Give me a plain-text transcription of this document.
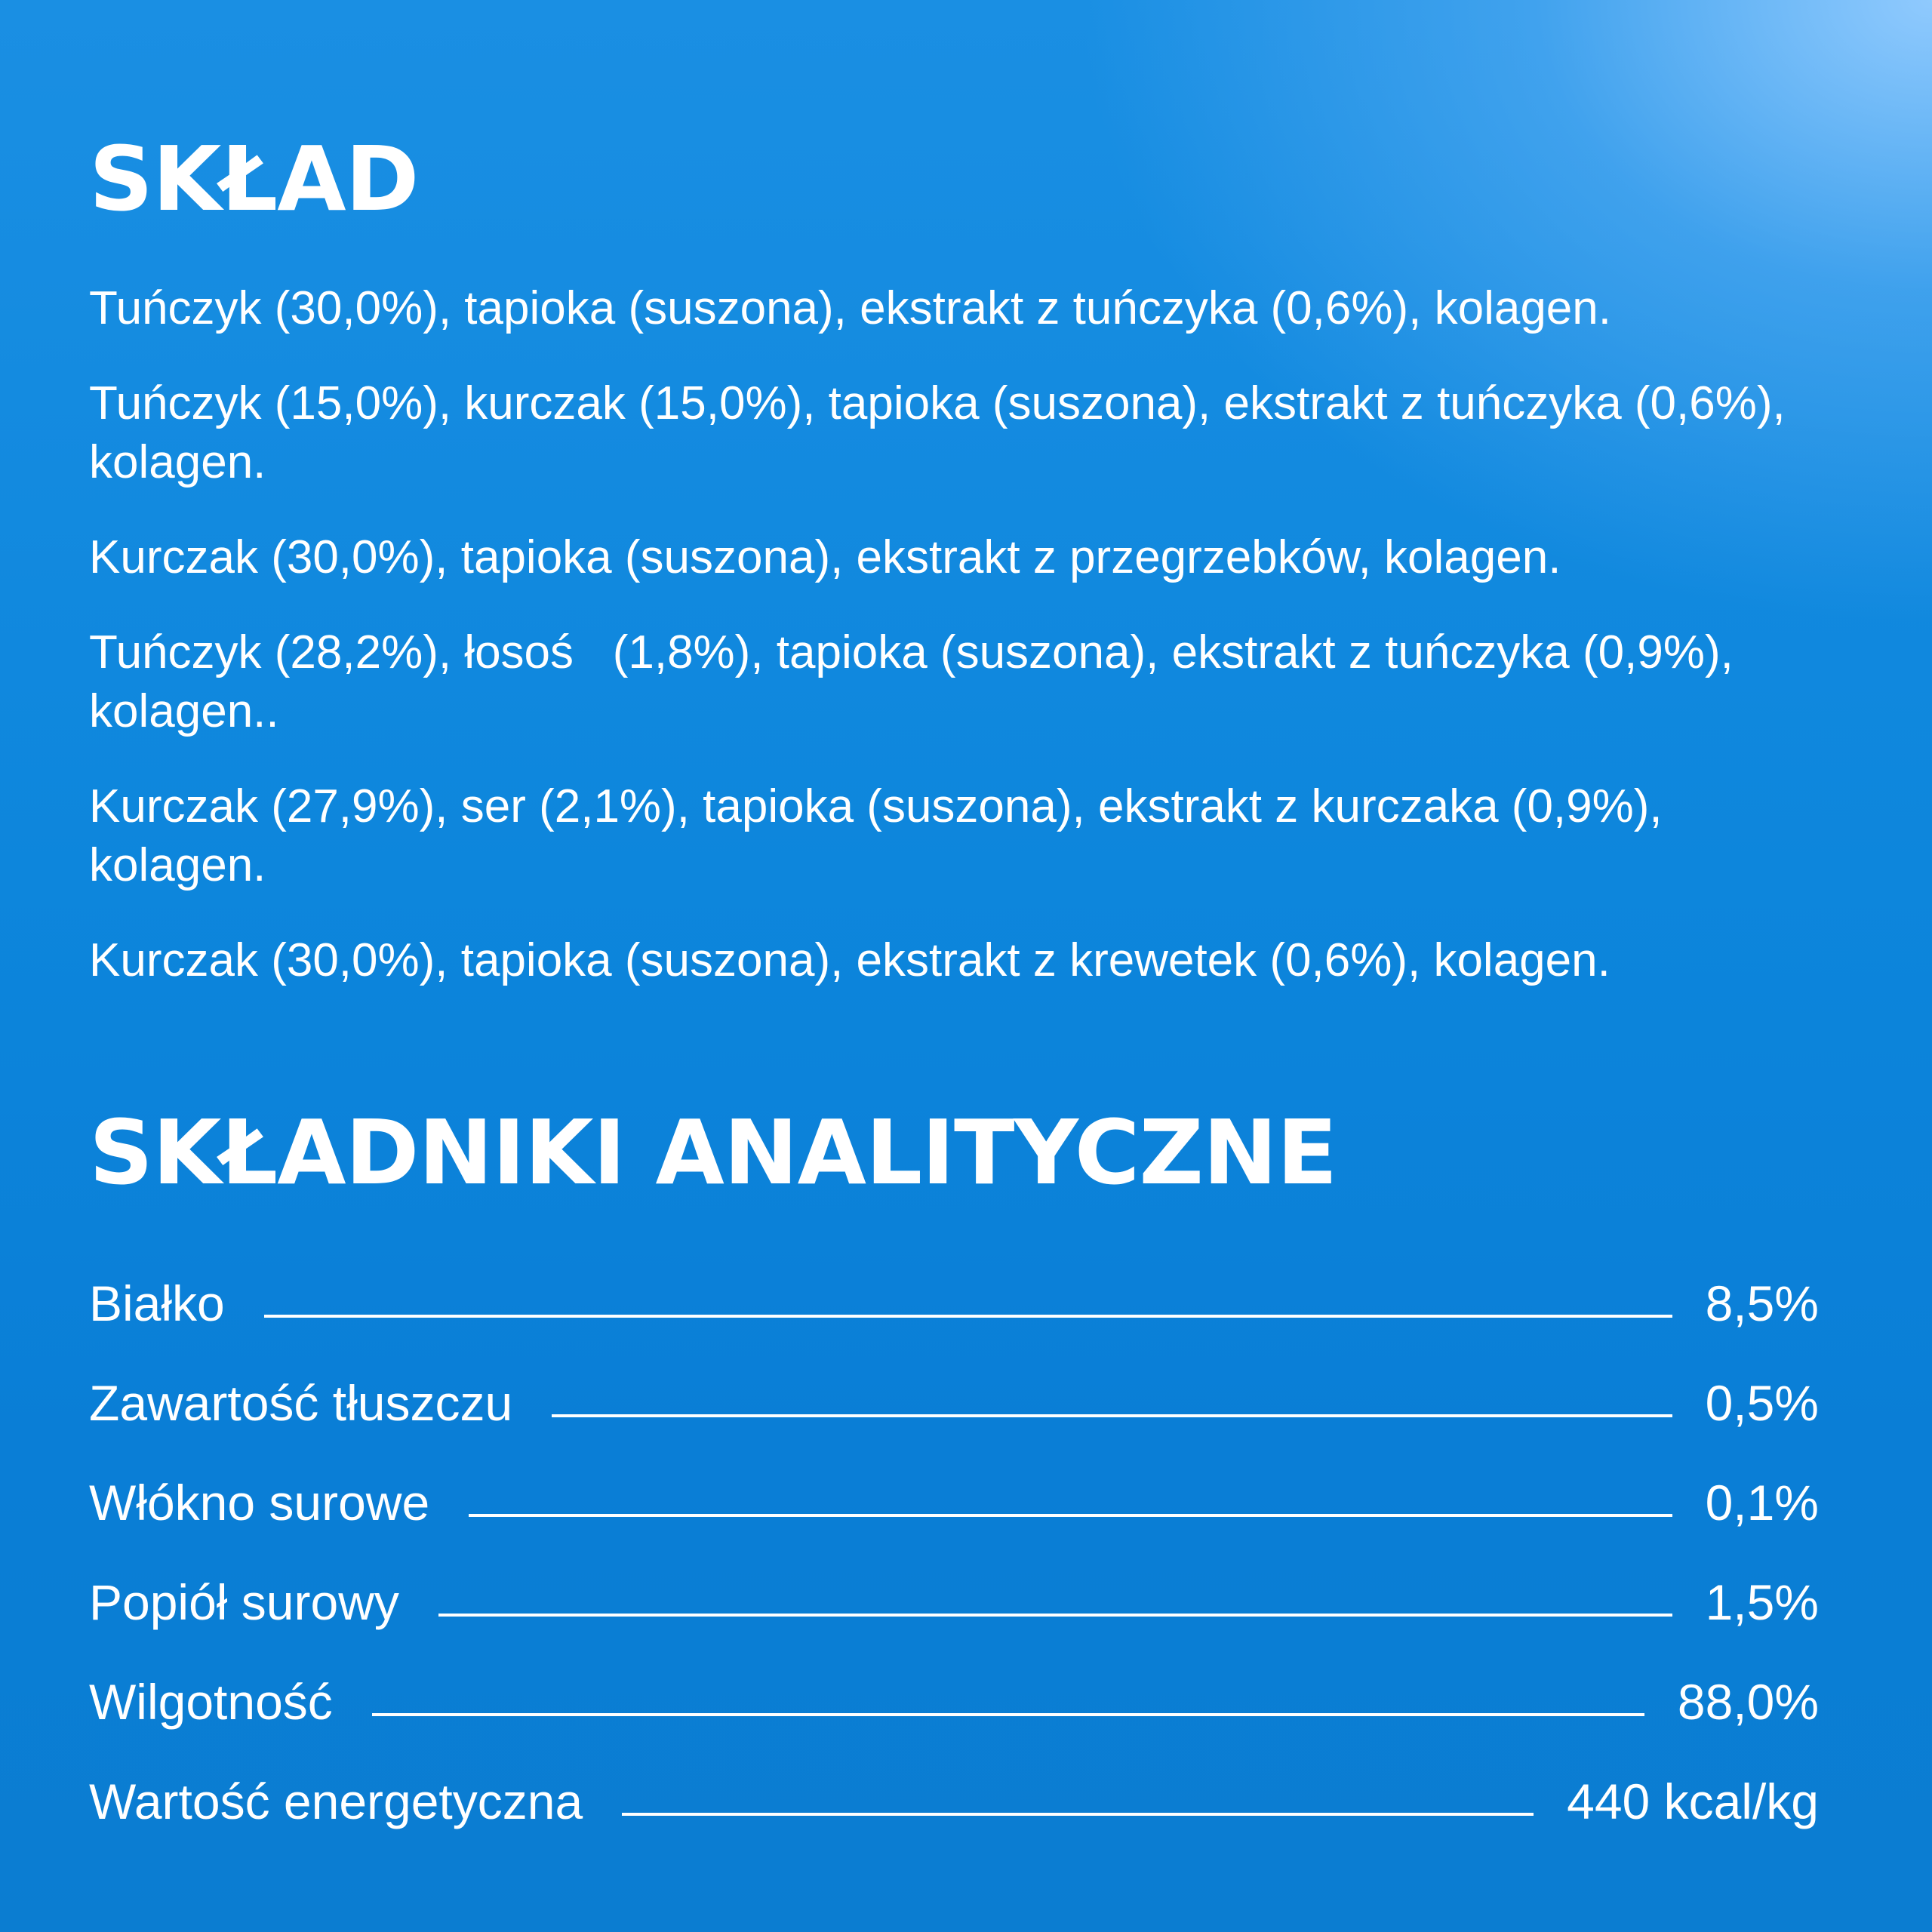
SKŁAD
Tuńczyk (30,0%), tapioka (suszona), ekstrakt z tuńczyka (0,6%), kolagen.
Tuńczyk (15,0%), kurczak (15,0%), tapioka (suszona), ekstrakt z tuńczyka (0,6%), kolagen.
Kurczak (30,0%), tapioka (suszona), ekstrakt z przegrzebków, kolagen.
Tuńczyk (28,2%), łosoś   (1,8%), tapioka (suszona), ekstrakt z tuńczyka (0,9%), kolagen..
Kurczak (27,9%), ser (2,1%), tapioka (suszona), ekstrakt z kurczaka (0,9%), kolagen.
Kurczak (30,0%), tapioka (suszona), ekstrakt z krewetek (0,6%), kolagen.
SKŁADNIKI ANALITYCZNE
Białko	8,5%
Zawartość tłuszczu	0,5%
Włókno surowe	0,1%
Popiół surowy	1,5%
Wilgotność	88,0%
Wartość energetyczna	440 kcal/kg
